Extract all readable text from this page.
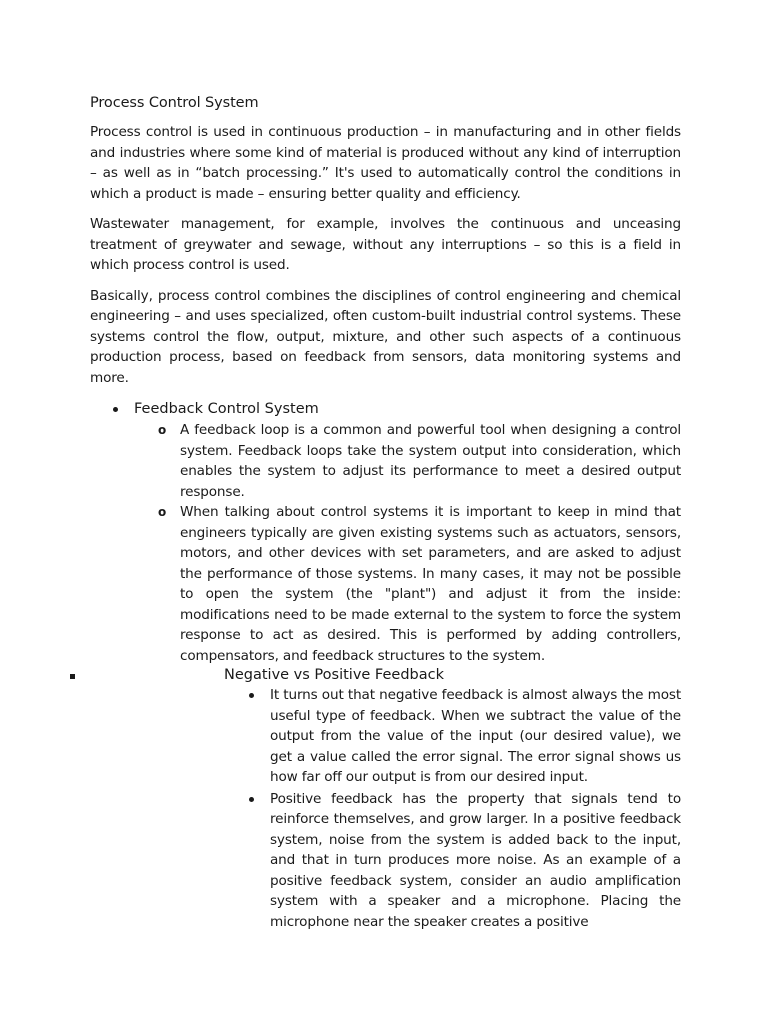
Process Control System

Process control is used in continuous production – in manufacturing and in other fields and industries where some kind of material is produced without any kind of interruption – as well as in “batch processing.” It's used to automatically control the conditions in which a product is made – ensuring better quality and efficiency.

Wastewater management, for example, involves the continuous and unceasing treatment of greywater and sewage, without any interruptions – so this is a field in which process control is used.

Basically, process control combines the disciplines of control engineering and chemical engineering – and uses specialized, often custom-built industrial control systems. These systems control the flow, output, mixture, and other such aspects of a continuous production process, based on feedback from sensors, data monitoring systems and more.

Feedback Control System
o A feedback loop is a common and powerful tool when designing a control system. Feedback loops take the system output into consideration, which enables the system to adjust its performance to meet a desired output response.
o When talking about control systems it is important to keep in mind that engineers typically are given existing systems such as actuators, sensors, motors, and other devices with set parameters, and are asked to adjust the performance of those systems. In many cases, it may not be possible to open the system (the "plant") and adjust it from the inside: modifications need to be made external to the system to force the system response to act as desired. This is performed by adding controllers, compensators, and feedback structures to the system.
Negative vs Positive Feedback
It turns out that negative feedback is almost always the most useful type of feedback. When we subtract the value of the output from the value of the input (our desired value), we get a value called the error signal. The error signal shows us how far off our output is from our desired input.
Positive feedback has the property that signals tend to reinforce themselves, and grow larger. In a positive feedback system, noise from the system is added back to the input, and that in turn produces more noise. As an example of a positive feedback system, consider an audio amplification system with a speaker and a microphone. Placing the microphone near the speaker creates a positive
